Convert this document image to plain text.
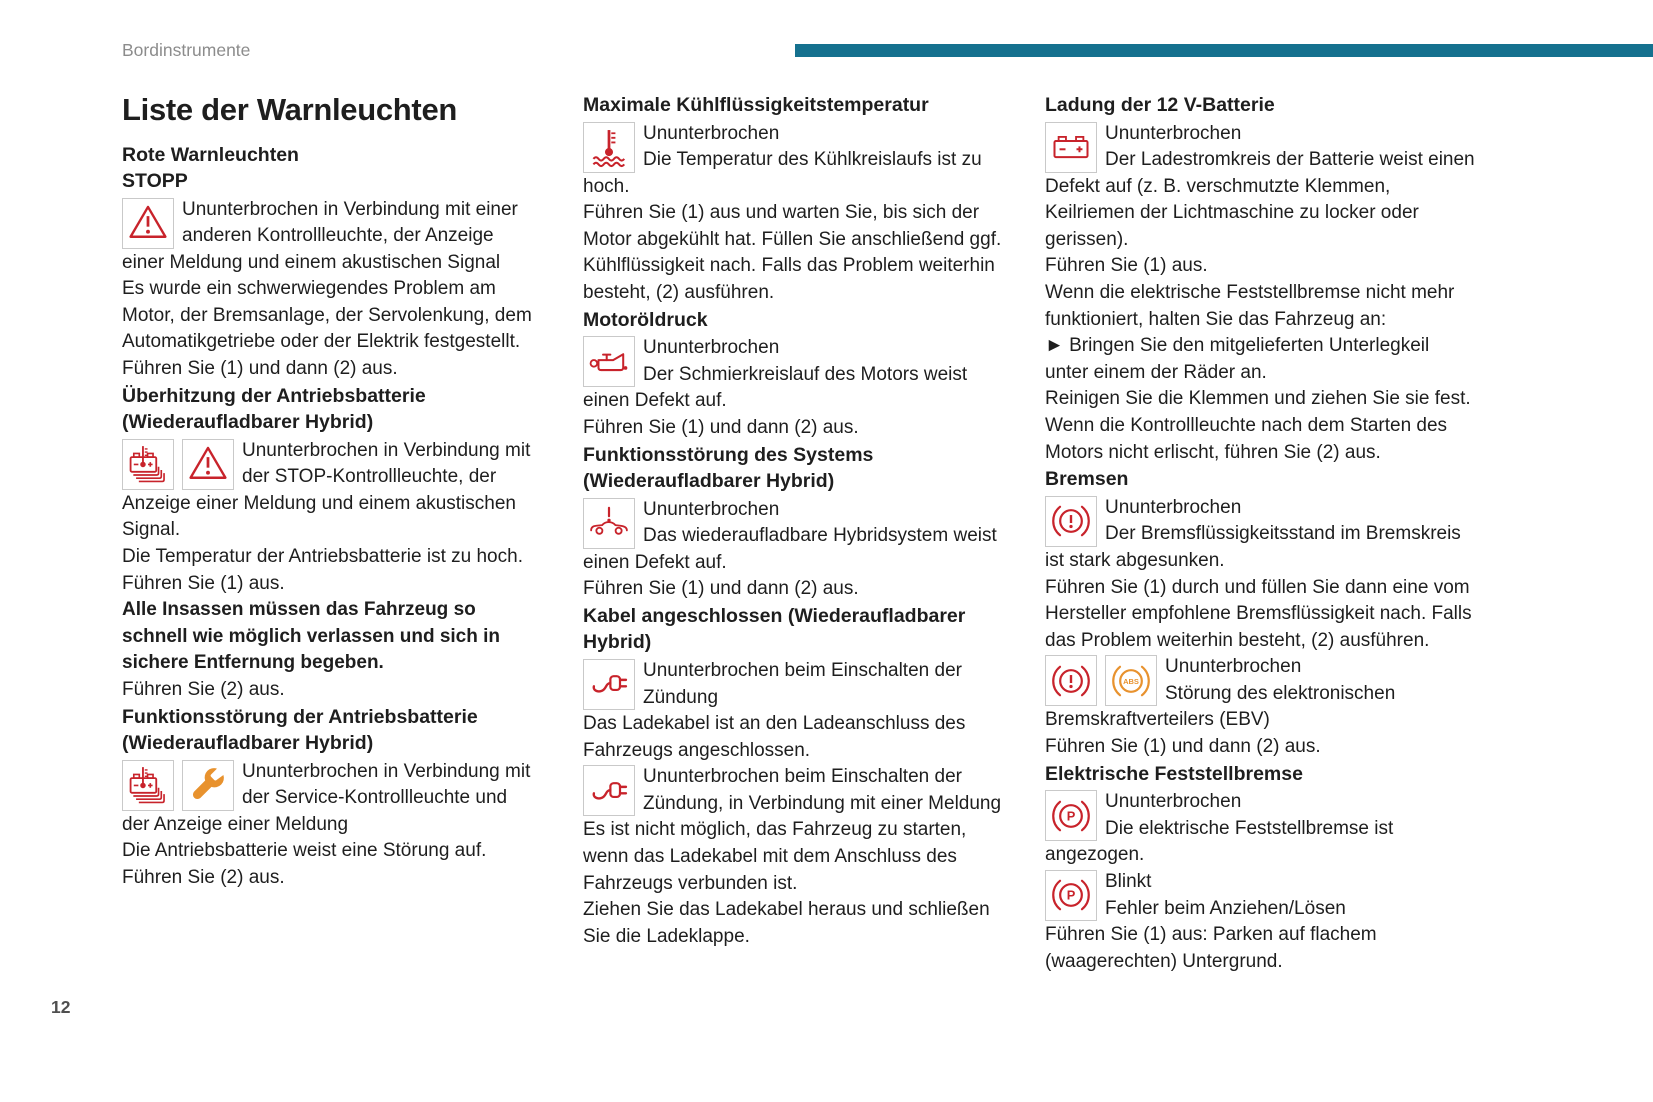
Bordinstrumente
Liste der Warnleuchten
Rote Warnleuchten
STOPP

Ununterbrochen in Verbindung mit einer anderen Kontrollleuchte, der Anzeige einer Meldung und einem akustischen Signal

Es wurde ein schwerwiegendes Problem am Motor, der Bremsanlage, der Servolenkung, dem Automatikgetriebe oder der Elektrik festgestellt.

Führen Sie (1) und dann (2) aus.

Überhitzung der Antriebsbatterie (Wiederaufladbarer Hybrid)

Ununterbrochen in Verbindung mit der STOP-Kontrollleuchte, der Anzeige einer Meldung und einem akustischen Signal.

Die Temperatur der Antriebsbatterie ist zu hoch.

Führen Sie (1) aus.

Alle Insassen müssen das Fahrzeug so schnell wie möglich verlassen und sich in sichere Entfernung begeben.

Führen Sie (2) aus.

Funktionsstörung der Antriebsbatterie (Wiederaufladbarer Hybrid)

Ununterbrochen in Verbindung mit der Service-Kontrollleuchte und der Anzeige einer Meldung

Die Antriebsbatterie weist eine Störung auf.

Führen Sie (2) aus.

Maximale Kühlflüssigkeitstemperatur

Ununterbrochen

Die Temperatur des Kühlkreislaufs ist zu hoch.

Führen Sie (1) aus und warten Sie, bis sich der Motor abgekühlt hat. Füllen Sie anschließend ggf. Kühlflüssigkeit nach. Falls das Problem weiterhin besteht, (2) ausführen.

Motoröldruck

Ununterbrochen

Der Schmierkreislauf des Motors weist einen Defekt auf.

Führen Sie (1) und dann (2) aus.

Funktionsstörung des Systems (Wiederaufladbarer Hybrid)

Ununterbrochen

Das wiederaufladbare Hybridsystem weist einen Defekt auf.

Führen Sie (1) und dann (2) aus.

Kabel angeschlossen (Wiederaufladbarer Hybrid)

Ununterbrochen beim Einschalten der Zündung

Das Ladekabel ist an den Ladeanschluss des Fahrzeugs angeschlossen.

Ununterbrochen beim Einschalten der Zündung, in Verbindung mit einer Meldung

Es ist nicht möglich, das Fahrzeug zu starten, wenn das Ladekabel mit dem Anschluss des Fahrzeugs verbunden ist.

Ziehen Sie das Ladekabel heraus und schließen Sie die Ladeklappe.

Ladung der 12 V-Batterie

Ununterbrochen

Der Ladestromkreis der Batterie weist einen Defekt auf (z. B. verschmutzte Klemmen, Keilriemen der Lichtmaschine zu locker oder gerissen).

Führen Sie (1) aus.

Wenn die elektrische Feststellbremse nicht mehr funktioniert, halten Sie das Fahrzeug an:

► Bringen Sie den mitgelieferten Unterlegkeil unter einem der Räder an.

Reinigen Sie die Klemmen und ziehen Sie sie fest.

Wenn die Kontrollleuchte nach dem Starten des Motors nicht erlischt, führen Sie (2) aus.

Bremsen

Ununterbrochen

Der Bremsflüssigkeitsstand im Bremskreis ist stark abgesunken.

Führen Sie (1) durch und füllen Sie dann eine vom Hersteller empfohlene Bremsflüssigkeit nach. Falls das Problem weiterhin besteht, (2) ausführen.

Ununterbrochen

Störung des elektronischen Bremskraftverteilers (EBV)

Führen Sie (1) und dann (2) aus.

Elektrische Feststellbremse

Ununterbrochen

Die elektrische Feststellbremse ist angezogen.

Blinkt

Fehler beim Anziehen/Lösen

Führen Sie (1) aus: Parken auf flachem (waagerechten) Untergrund.

12
